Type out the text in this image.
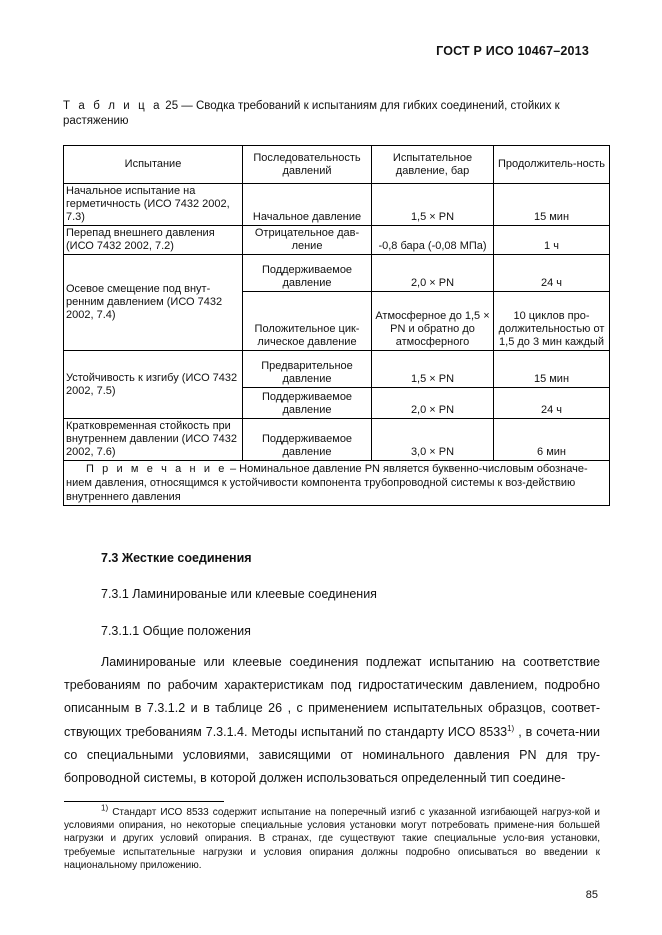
ГОСТ Р ИСО 10467–2013
Т а б л и ц а 25 — Сводка требований к испытаниям для гибких соединений, стойких к растяжению
Испытание	Последовательность давлений	Испытательное давление, бар	Продолжитель-ность
Начальное испытание на герметичность (ИСО 7432 2002, 7.3)	Начальное давление	1,5 × PN	15 мин
Перепад внешнего давления (ИСО 7432 2002, 7.2)	Отрицательное дав-ление	-0,8 бара (-0,08 МПа)	1 ч
Осевое смещение под внут-ренним давлением (ИСО 7432 2002, 7.4)	Поддерживаемое давление	2,0 × PN	24 ч
	Положительное цик-лическое давление	Атмосферное до 1,5 × PN и обратно до атмосферного	10 циклов про-должительностью от 1,5 до 3 мин каждый
Устойчивость к изгибу (ИСО 7432 2002, 7.5)	Предварительное давление	1,5 × PN	15 мин
	Поддерживаемое давление	2,0 × PN	24 ч
Кратковременная стойкость при внутреннем давлении (ИСО 7432 2002, 7.6)	Поддерживаемое давление	3,0 × PN	6 мин
П р и м е ч а н и е – Номинальное давление PN является буквенно-числовым обозначе-нием давления, относящимся к устойчивости компонента трубопроводной системы к воз-действию внутреннего давления			
7.3 Жесткие соединения
7.3.1 Ламинированые или клеевые соединения
7.3.1.1 Общие положения
Ламинированые или клеевые соединения подлежат испытанию на соответствие требованиям по рабочим характеристикам под гидростатическим давлением, подробно описанным в 7.3.1.2 и в таблице 26 , с применением испытательных образцов, соответ-ствующих требованиям 7.3.1.4. Методы испытаний по стандарту ИСО 8533$^{1)}$ , в сочета-нии со специальными условиями, зависящими от номинального давления PN для тру-бопроводной системы, в которой должен использоваться определенный тип соедине-
$^{1)}$ Стандарт ИСО 8533 содержит испытание на поперечный изгиб с указанной изгибающей нагруз-кой и условиями опирания, но некоторые специальные условия установки могут потребовать примене-ния большей нагрузки и других условий опирания. В странах, где существуют такие специальные усло-вия установки, требуемые испытательные нагрузки и условия опирания должны подробно описываться во введении к национальному приложению.
85
